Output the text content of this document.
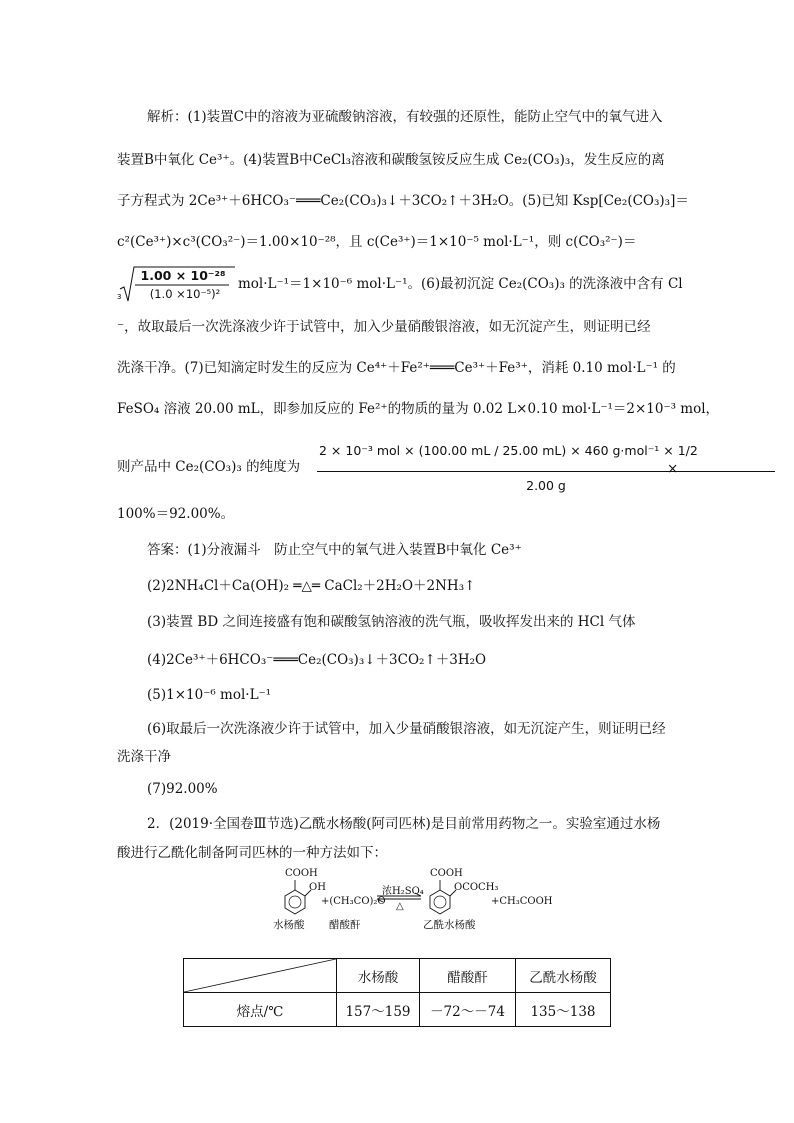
解析：(1)装置C中的溶液为亚硫酸钠溶液，有较强的还原性，能防止空气中的氧气进入
装置B中氧化 Ce³⁺。(4)装置B中CeCl₃溶液和碳酸氢铵反应生成 Ce₂(CO₃)₃，发生反应的离
子方程式为 2Ce³⁺＋6HCO₃⁻═══Ce₂(CO₃)₃↓＋3CO₂↑＋3H₂O。(5)已知 Ksp[Ce₂(CO₃)₃]＝
c²(Ce³⁺)×c³(CO₃²⁻)＝1.00×10⁻²⁸，且 c(Ce³⁺)＝1×10⁻⁵ mol·L⁻¹，则 c(CO₃²⁻)＝
3
1.00 × 10⁻²⁸
(1.0 ×10⁻⁵)²
mol·L⁻¹＝1×10⁻⁶ mol·L⁻¹。(6)最初沉淀 Ce₂(CO₃)₃ 的洗涤液中含有 Cl
⁻，故取最后一次洗涤液少许于试管中，加入少量硝酸银溶液，如无沉淀产生，则证明已经
洗涤干净。(7)已知滴定时发生的反应为 Ce⁴⁺＋Fe²⁺═══Ce³⁺＋Fe³⁺，消耗 0.10 mol·L⁻¹ 的
FeSO₄ 溶液 20.00 mL，即参加反应的 Fe²⁺的物质的量为 0.02 L×0.10 mol·L⁻¹＝2×10⁻³ mol，
则产品中 Ce₂(CO₃)₃ 的纯度为
2 × 10⁻³ mol × (100.00 mL / 25.00 mL) × 460 g·mol⁻¹ × 1/2
2.00 g
×
100%＝92.00%。
答案：(1)分液漏斗　防止空气中的氧气进入装置B中氧化 Ce³⁺
(2)2NH₄Cl＋Ca(OH)₂ ═△═ CaCl₂＋2H₂O＋2NH₃↑
(3)装置 BD 之间连接盛有饱和碳酸氢钠溶液的洗气瓶，吸收挥发出来的 HCl 气体
(4)2Ce³⁺＋6HCO₃⁻═══Ce₂(CO₃)₃↓＋3CO₂↑＋3H₂O
(5)1×10⁻⁶ mol·L⁻¹
(6)取最后一次洗涤液少许于试管中，加入少量硝酸银溶液，如无沉淀产生，则证明已经
洗涤干净
(7)92.00%
2．(2019·全国卷Ⅲ节选)乙酰水杨酸(阿司匹林)是目前常用药物之一。实验室通过水杨
酸进行乙酰化制备阿司匹林的一种方法如下：
COOH
OH
水杨酸
+(CH₃CO)₂O
醋酸酐
浓H₂SO₄
△
COOH
OCOCH₃
乙酰水杨酸
+CH₃COOH
	水杨酸	醋酸酐	乙酰水杨酸
熔点/℃	157～159	－72～－74	135～138
